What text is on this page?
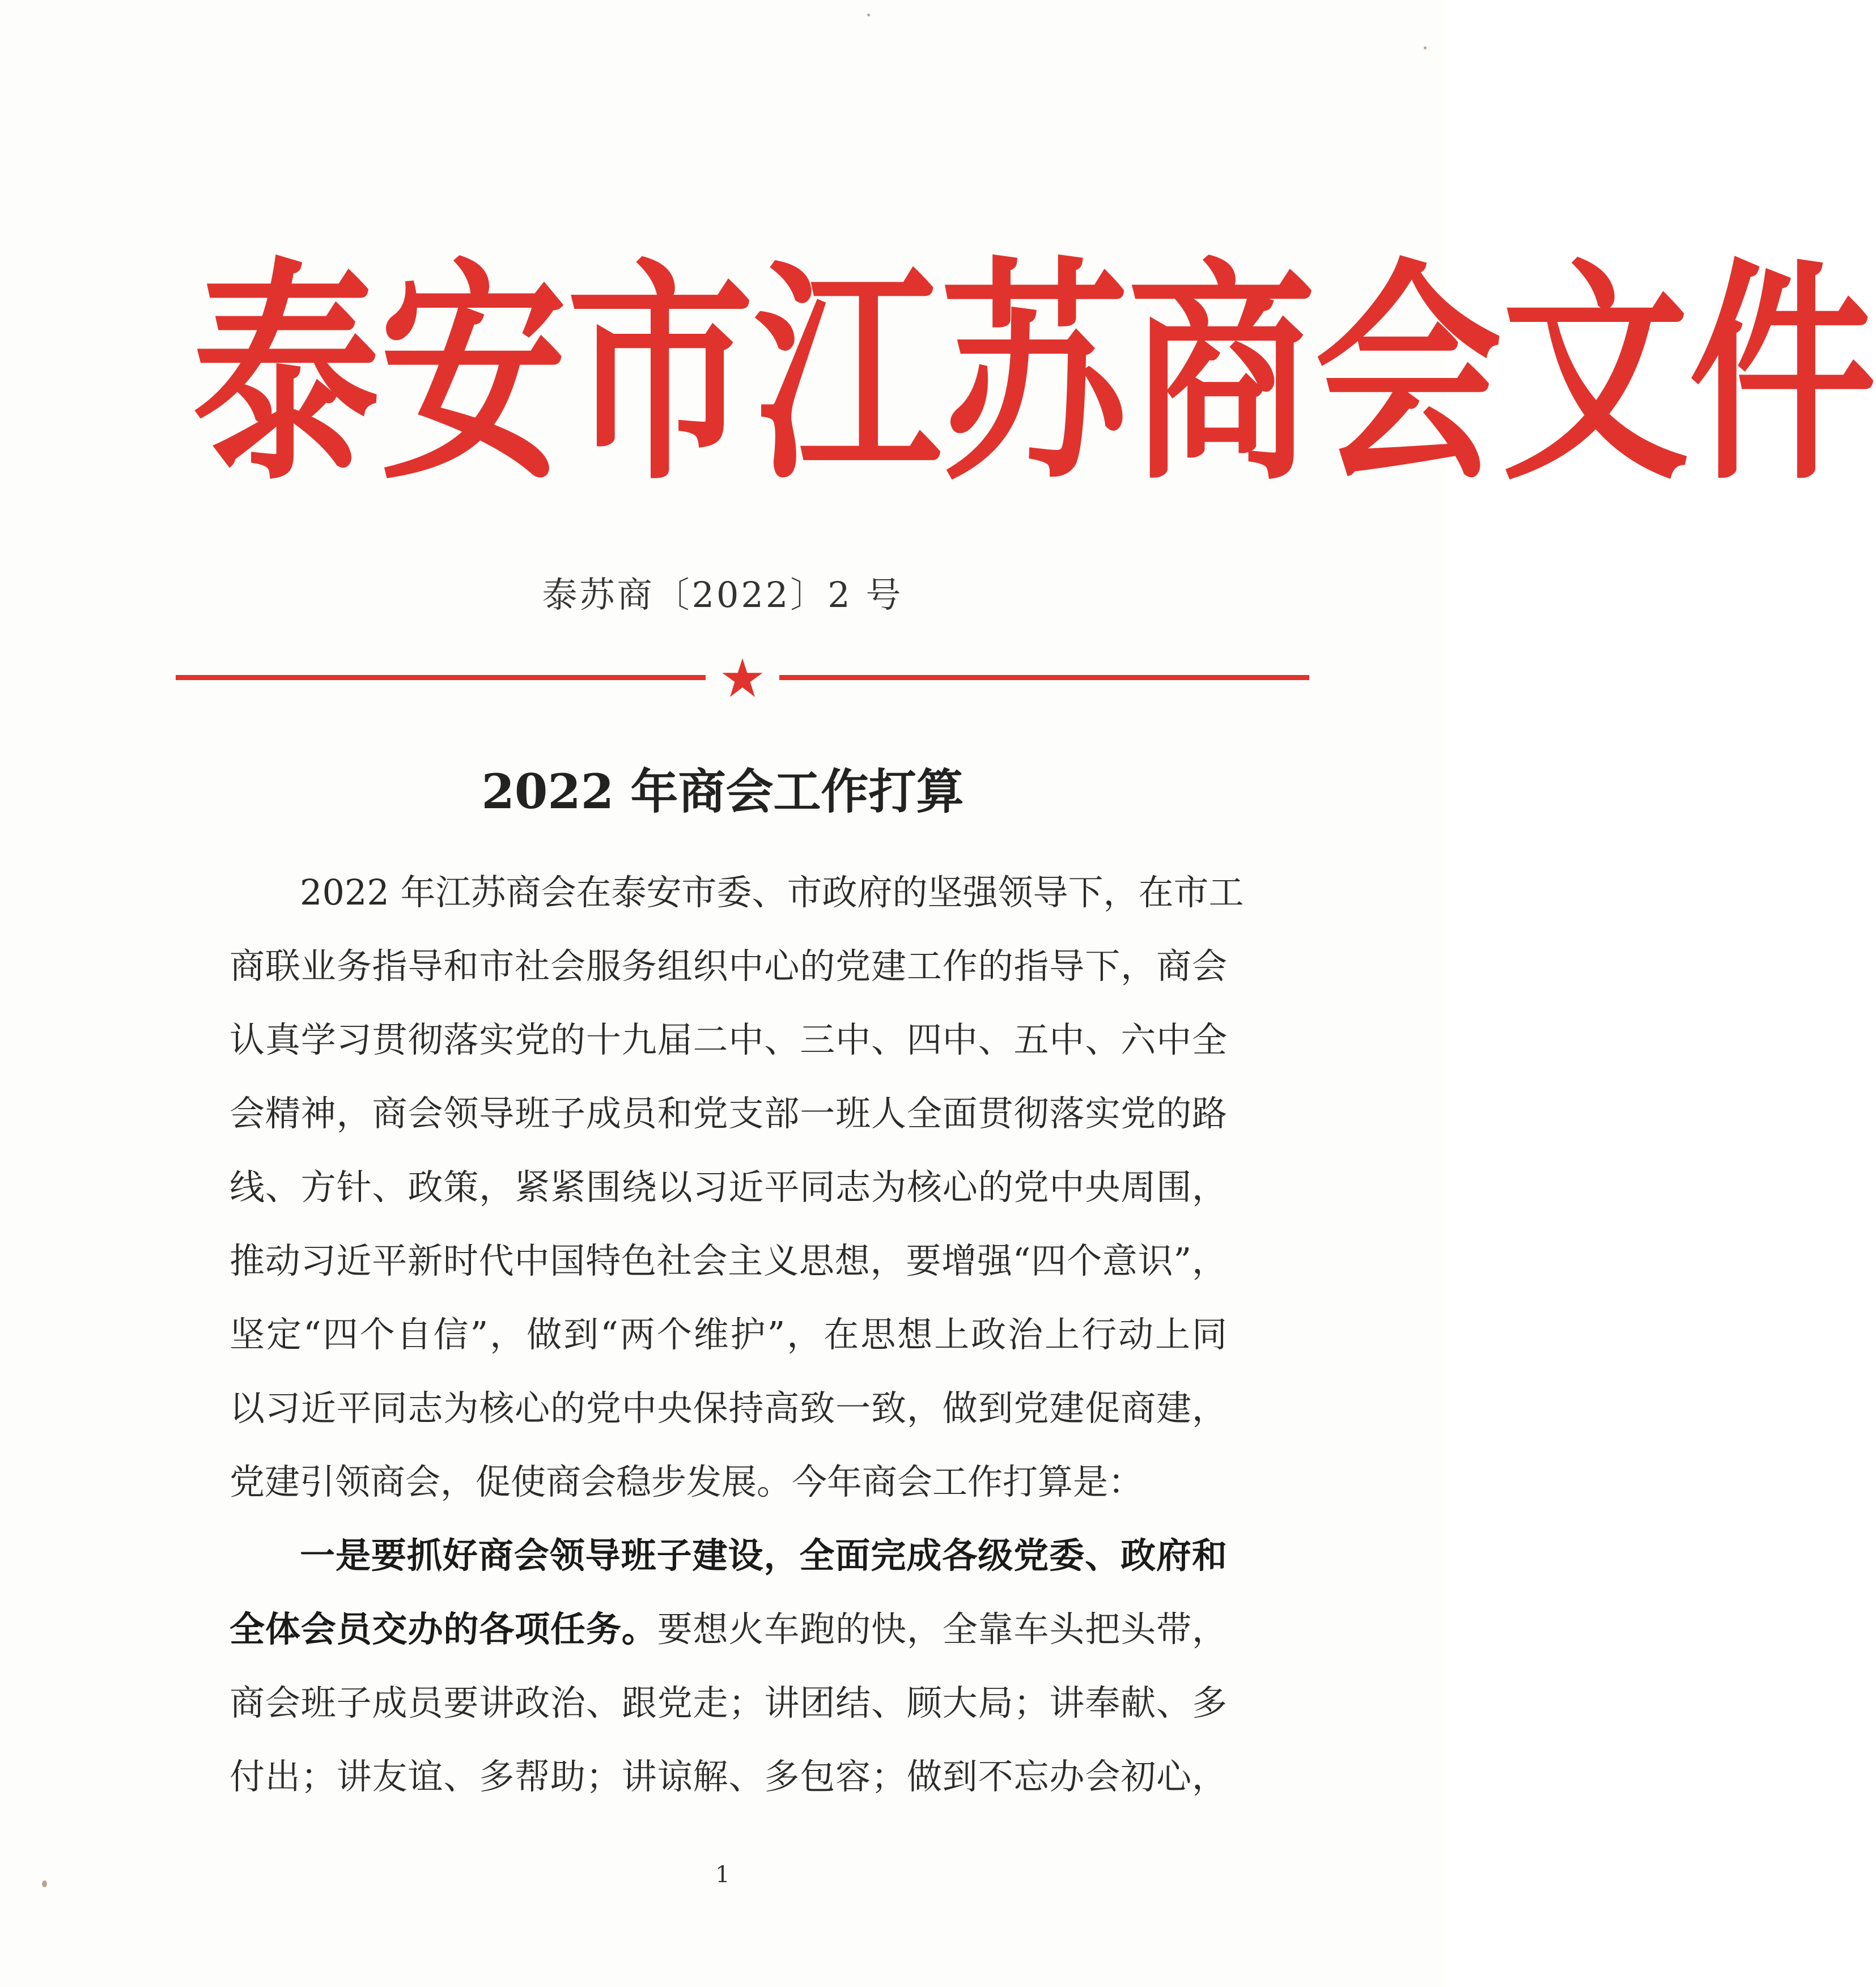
泰 安 市 江 苏 商 会 文 件
泰苏商〔2022〕2 号
2022 年商会工作打算
2022 年江苏商会在泰安市委、市政府的坚强领导下，在市工
商联业务指导和市社会服务组织中心的党建工作的指导下，商会
认真学习贯彻落实党的十九届二中、三中、四中、五中、六中全
会精神，商会领导班子成员和党支部一班人全面贯彻落实党的路
线、方针、政策，紧紧围绕以习近平同志为核心的党中央周围，
推动习近平新时代中国特色社会主义思想，要增强“四个意识”，
坚定“四个自信”，做到“两个维护”，在思想上政治上行动上同
以习近平同志为核心的党中央保持高致一致，做到党建促商建，
党建引领商会，促使商会稳步发展。今年商会工作打算是：
一是要抓好商会领导班子建设，全面完成各级党委、政府和
全体会员交办的各项任务。要想火车跑的快，全靠车头把头带，
商会班子成员要讲政治、跟党走；讲团结、顾大局；讲奉献、多
付出；讲友谊、多帮助；讲谅解、多包容；做到不忘办会初心，
1
